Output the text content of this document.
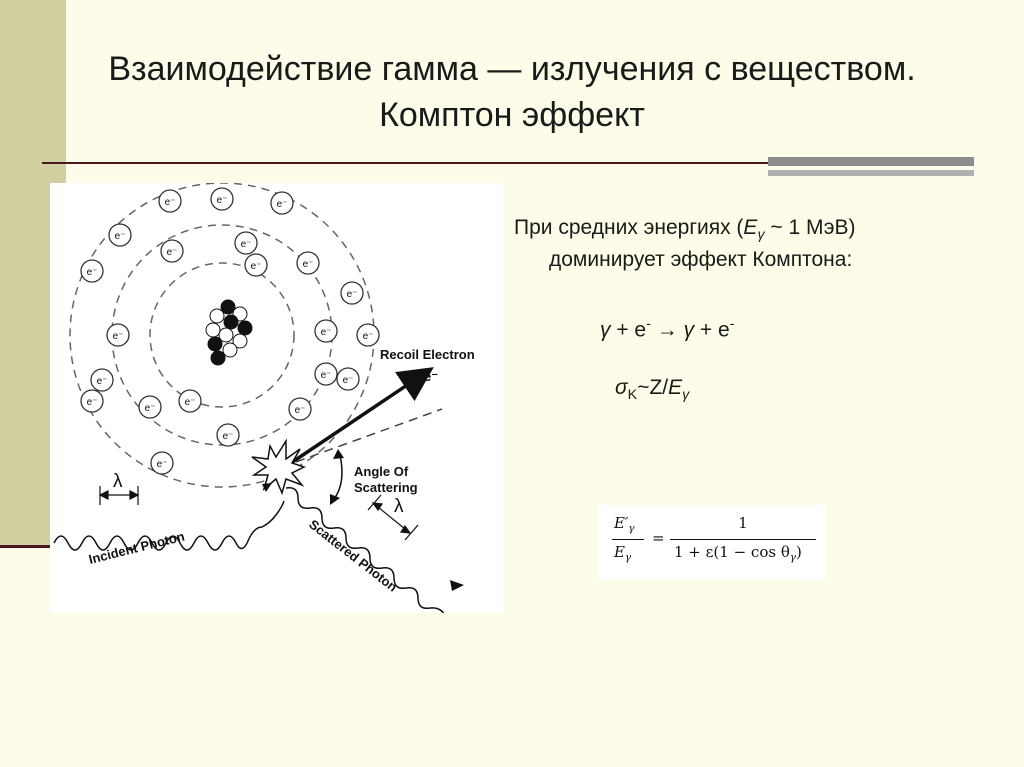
Взаимодействие гамма — излучения с веществом.
Комптон эффект
e⁻	e⁻	e⁻
e⁻
e⁻
e⁻
e⁻
e⁻
e⁻
e⁻	e⁻
e⁻
e⁻
e⁻
e⁻
e⁻
e⁻
e⁻
e⁻
e⁻
e⁻
e⁻
λ
λ
Recoil Electron
e⁻
Angle Of
Scattering
Incident Photon	Scattered Photon
При средних энергиях ($E_\gamma$ ~ 1 МэВ)
доминирует эффект Комптона:
γ + e- → γ + e-
$\sigma_K\sim Z/E_\gamma$
$E'_\gamma$
$E_\gamma$
=
1
$1 + \varepsilon(1 - \cos \theta_\gamma)$
